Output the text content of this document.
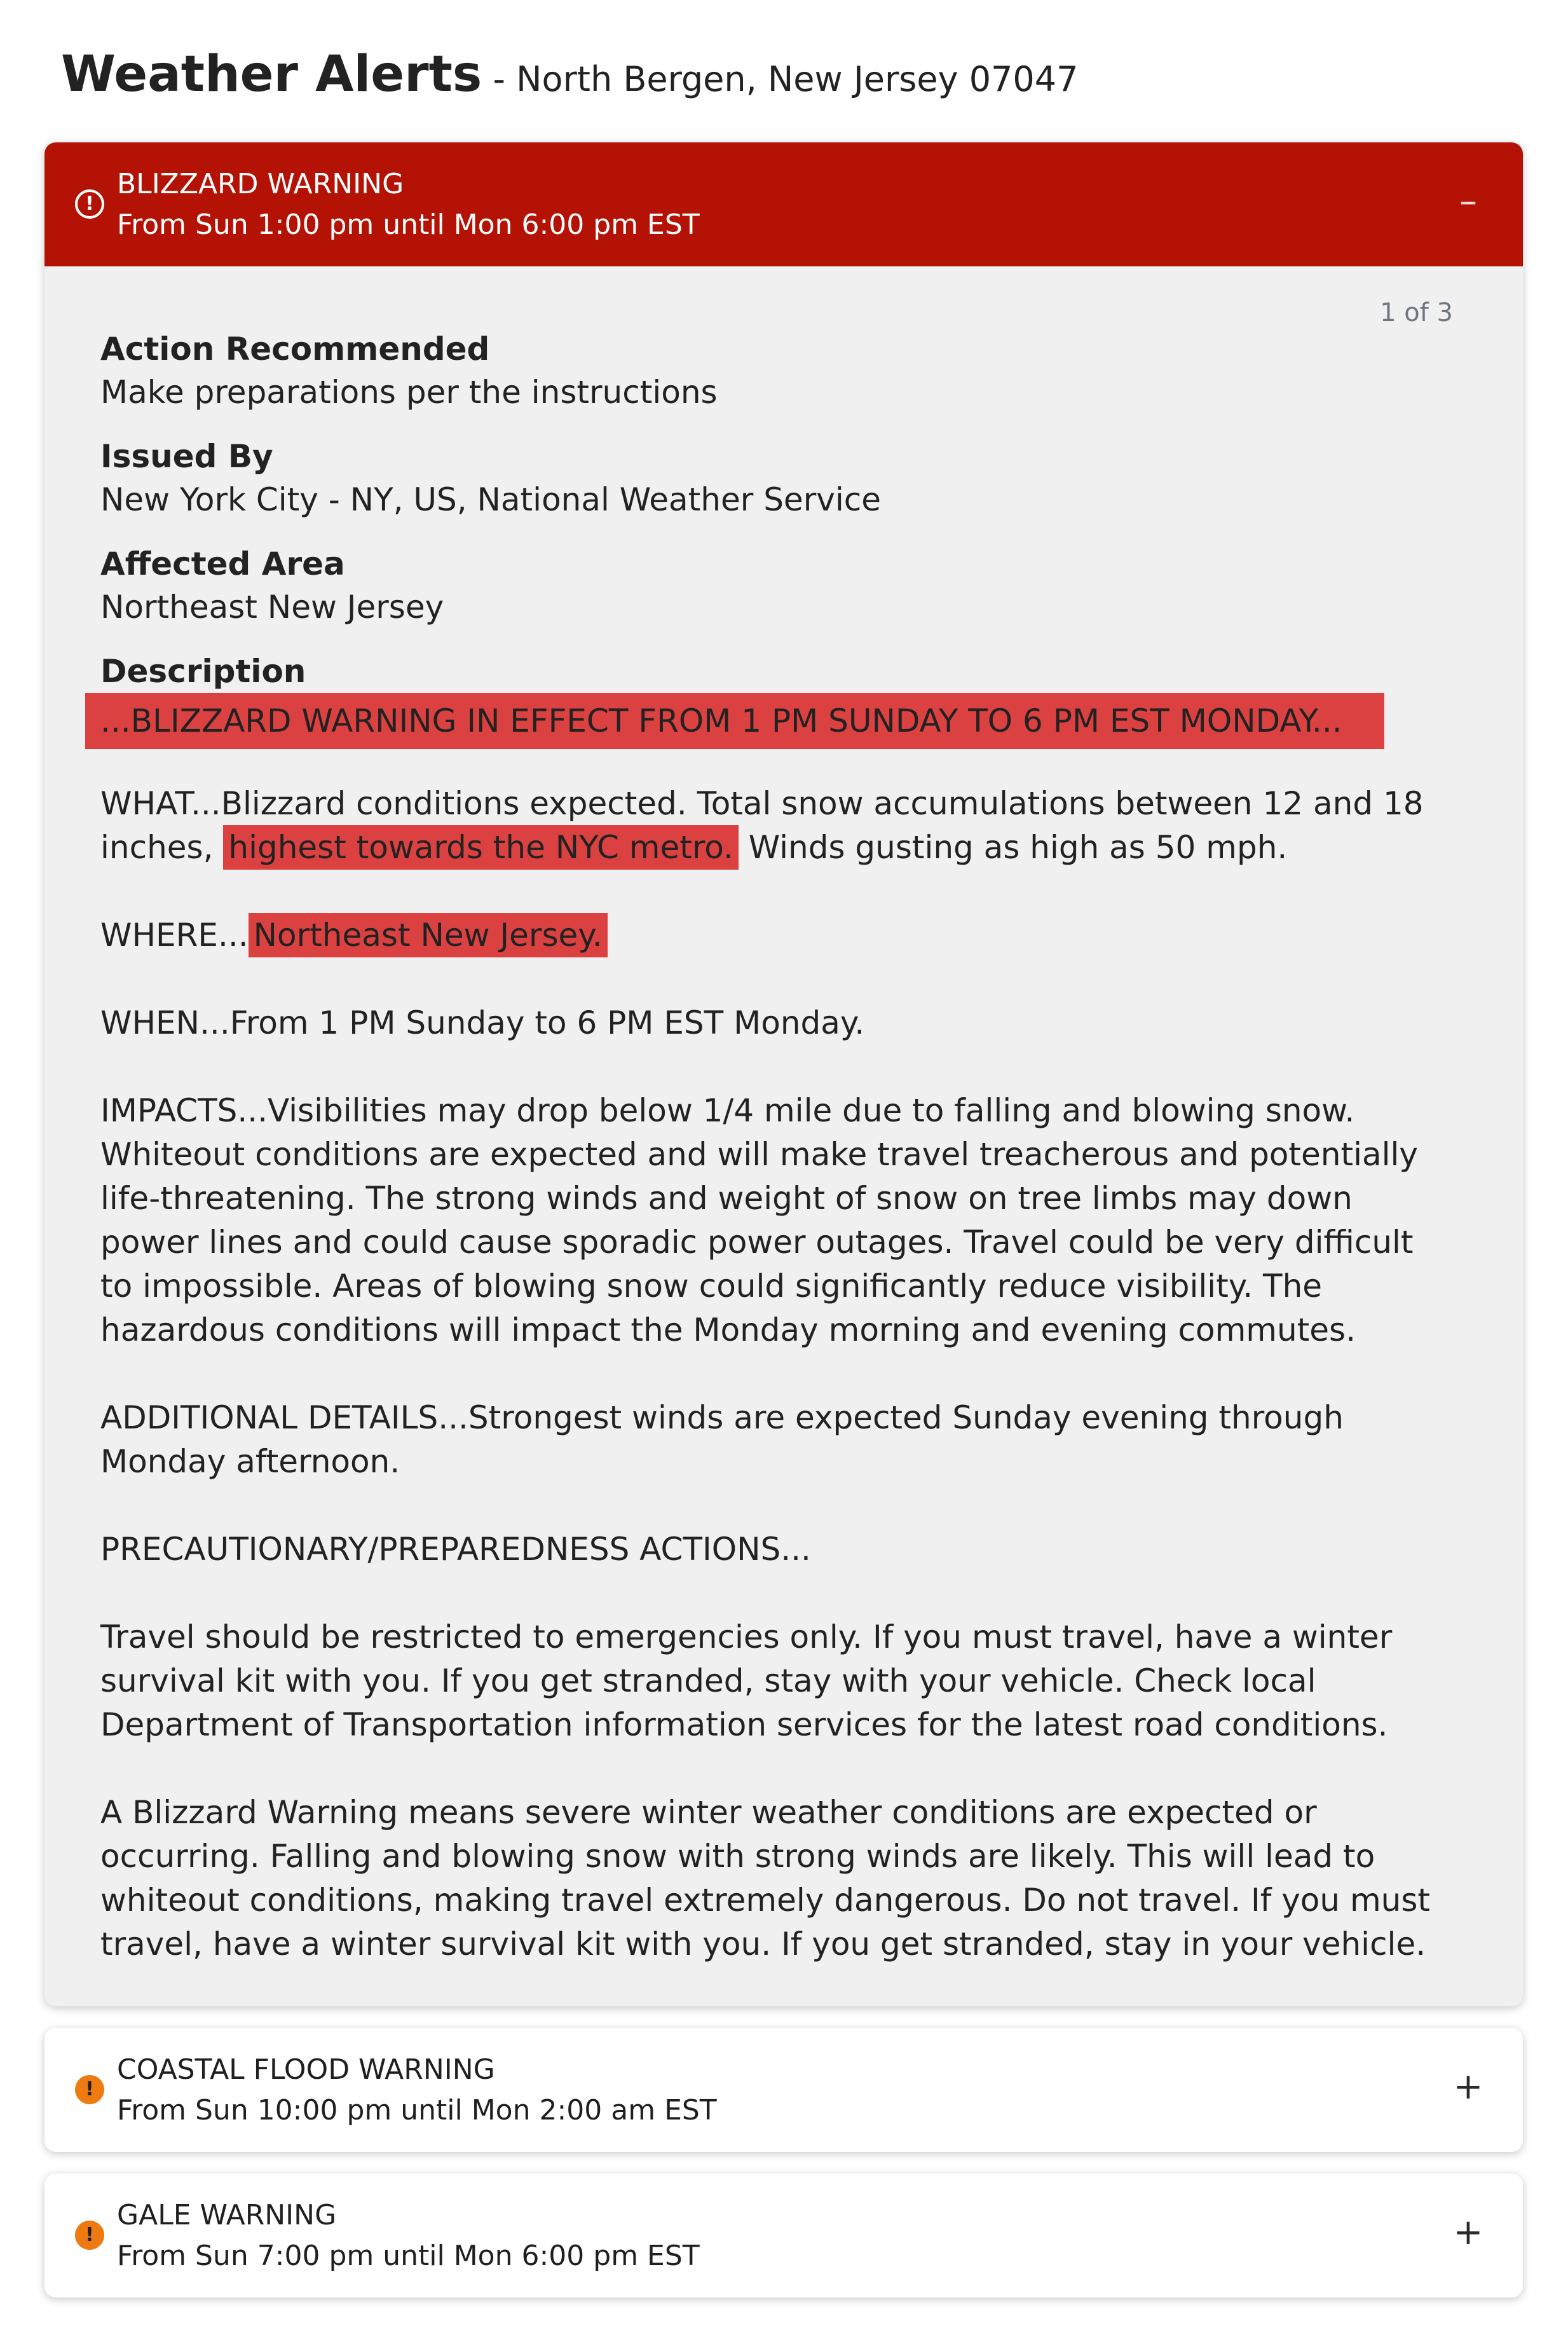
Weather Alerts - North Bergen, New Jersey 07047
!
BLIZZARD WARNING
From Sun 1:00 pm until Mon 6:00 pm EST
–
1 of 3
Action Recommended
Make preparations per the instructions
Issued By
New York City - NY, US, National Weather Service
Affected Area
Northeast New Jersey
Description

...BLIZZARD WARNING IN EFFECT FROM 1 PM SUNDAY TO 6 PM EST MONDAY...

WHAT...Blizzard conditions expected. Total snow accumulations between 12 and 18 inches, highest towards the NYC metro. Winds gusting as high as 50 mph.

WHERE... Northeast New Jersey.

WHEN...From 1 PM Sunday to 6 PM EST Monday.

IMPACTS...Visibilities may drop below 1/4 mile due to falling and blowing snow. Whiteout conditions are expected and will make travel treacherous and potentially life-threatening. The strong winds and weight of snow on tree limbs may down power lines and could cause sporadic power outages. Travel could be very difficult to impossible. Areas of blowing snow could significantly reduce visibility. The hazardous conditions will impact the Monday morning and evening commutes.

ADDITIONAL DETAILS...Strongest winds are expected Sunday evening through Monday afternoon.

PRECAUTIONARY/PREPAREDNESS ACTIONS...

Travel should be restricted to emergencies only. If you must travel, have a winter survival kit with you. If you get stranded, stay with your vehicle. Check local Department of Transportation information services for the latest road conditions.

A Blizzard Warning means severe winter weather conditions are expected or occurring. Falling and blowing snow with strong winds are likely. This will lead to whiteout conditions, making travel extremely dangerous. Do not travel. If you must travel, have a winter survival kit with you. If you get stranded, stay in your vehicle.

!
COASTAL FLOOD WARNING
From Sun 10:00 pm until Mon 2:00 am EST
+
!
GALE WARNING
From Sun 7:00 pm until Mon 6:00 pm EST
+
